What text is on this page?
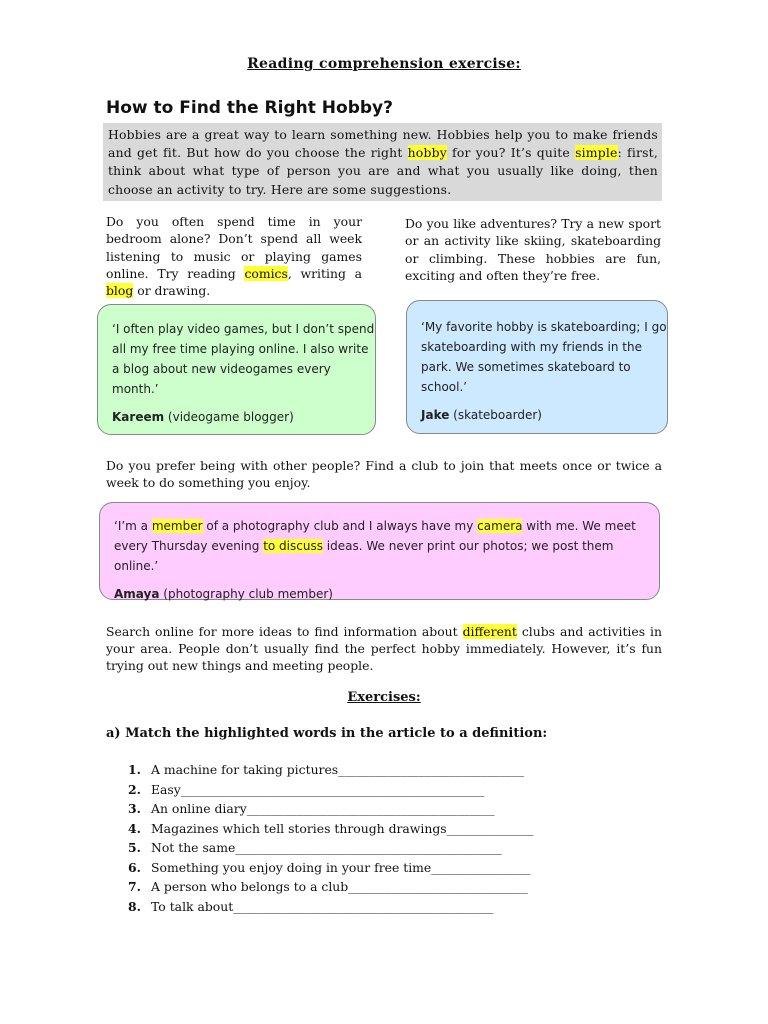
Reading comprehension exercise:
How to Find the Right Hobby?
Hobbies are a great way to learn something new. Hobbies help you to make friends and get fit. But how do you choose the right hobby for you? It’s quite simple: first, think about what type of person you are and what you usually like doing, then choose an activity to try. Here are some suggestions.
Do you often spend time in your bedroom alone? Don’t spend all week listening to music or playing games online. Try reading comics, writing a blog or drawing.
Do you like adventures? Try a new sport or an activity like skiing, skateboarding or climbing. These hobbies are fun, exciting and often they’re free.
‘I often play video games, but I don’t spend all my free time playing online. I also write a blog about new videogames every month.’
Kareem (videogame blogger)
‘My favorite hobby is skateboarding; I go skateboarding with my friends in the park. We sometimes skateboard to school.’
Jake (skateboarder)
Do you prefer being with other people? Find a club to join that meets once or twice a week to do something you enjoy.
‘I’m a member of a photography club and I always have my camera with me. We meet every Thursday evening to discuss ideas. We never print our photos; we post them online.’
Amaya (photography club member)
Search online for more ideas to find information about different clubs and activities in your area. People don’t usually find the perfect hobby immediately. However, it’s fun trying out new things and meeting people.
Exercises:
a) Match the highlighted words in the article to a definition:
1. A machine for taking pictures______________________________
2. Easy_________________________________________________
3. An online diary________________________________________
4. Magazines which tell stories through drawings______________
5. Not the same___________________________________________
6. Something you enjoy doing in your free time________________
7. A person who belongs to a club_____________________________
8. To talk about__________________________________________
